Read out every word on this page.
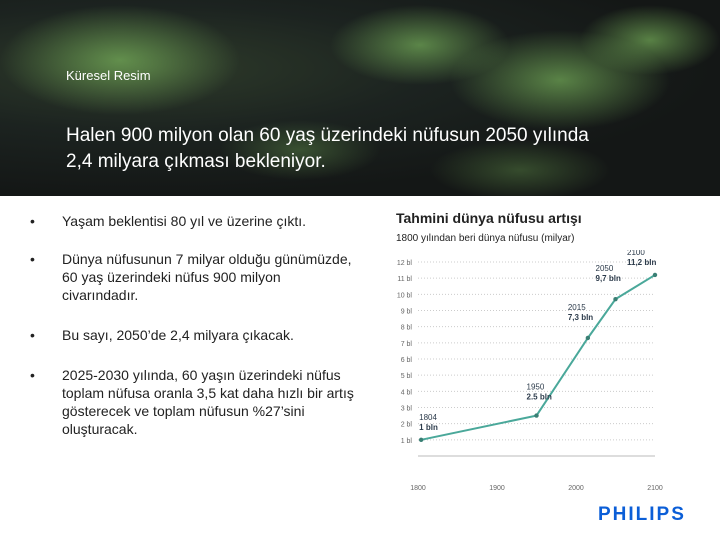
Küresel Resim
Halen 900 milyon olan 60 yaş üzerindeki nüfusun 2050 yılında
2,4 milyara çıkması bekleniyor.
• Yaşam beklentisi 80 yıl ve üzerine çıktı.
• Dünya nüfusunun 7 milyar olduğu günümüzde, 60 yaş üzerindeki nüfus 900 milyon civarındadır.
• Bu sayı, 2050’de 2,4 milyara çıkacak.
• 2025-2030 yılında, 60 yaşın üzerindeki nüfus toplam nüfusa oranla 3,5 kat daha hızlı bir artış gösterecek ve toplam nüfusun %27’sini oluşturacak.
Tahmini dünya nüfusu artışı
1800 yılından beri dünya nüfusu (milyar)
1 bl
2 bl
3 bl
4 bl
5 bl
6 bl
7 bl
8 bl
9 bl
10 bl
11 bl
12 bl
1800	1900	2000	2100
1804
1 bln
1950
2.5 bln
2015
7,3 bln
2050
9,7 bln
2100
11,2 bln
PHILIPS
